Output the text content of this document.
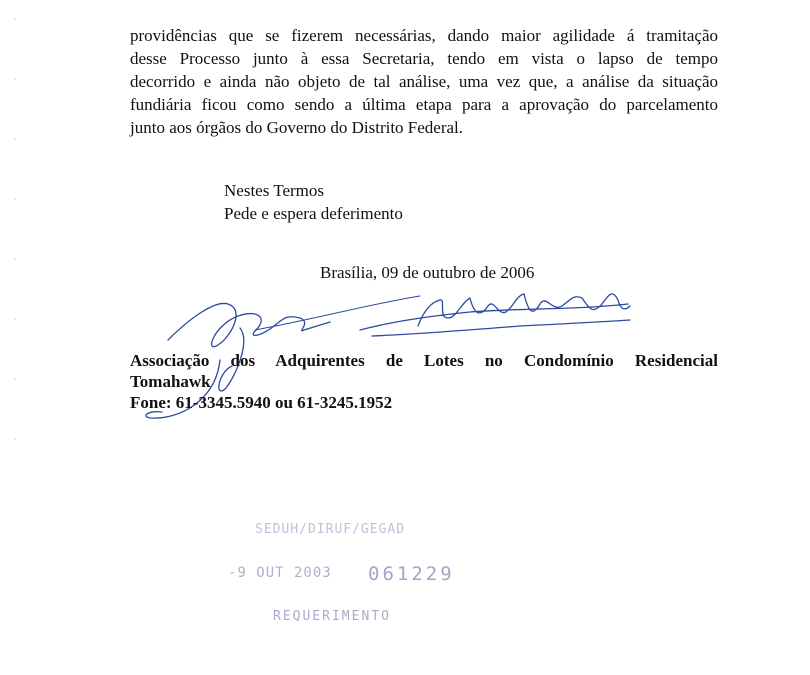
providências que se fizerem necessárias, dando maior agilidade á tramitação
desse Processo junto à essa Secretaria, tendo em vista o lapso de tempo
decorrido e ainda não objeto de tal análise, uma vez que, a análise da situação
fundiária ficou como sendo a última etapa para a aprovação do parcelamento
junto aos órgãos do Governo do Distrito Federal.
Nestes Termos
Pede e espera deferimento
Brasília, 09 de outubro de 2006
Associação dos Adquirentes de Lotes no Condomínio Residencial
Tomahawk
Fone: 61-3345.5940 ou 61-3245.1952
SEDUH/DIRUF/GEGAD
-9 OUT 2003 061229
REQUERIMENTO
